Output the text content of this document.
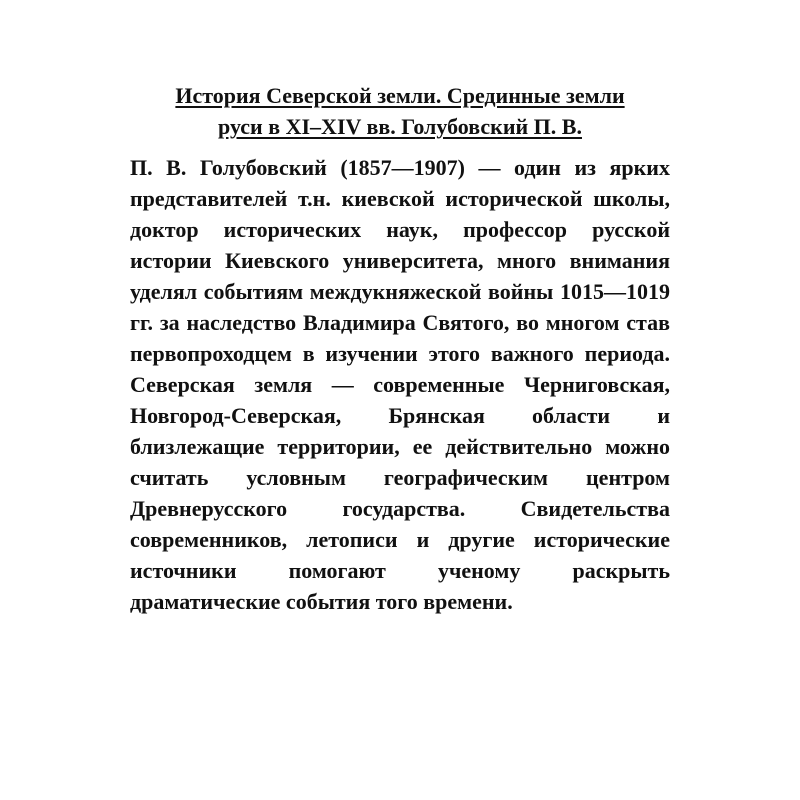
История Северской земли. Срединные земли
руси в XI–XIV вв. Голубовский П. В.

П. В. Голубовский (1857—1907) — один из ярких представителей т.н. киевской исторической школы, доктор исторических наук, профессор русской истории Киевского университета, много внимания уделял событиям междукняжеской войны 1015—1019 гг. за наследство Владимира Святого, во многом став первопроходцем в изучении этого важного периода. Северская земля — современные Черниговская, Новгород-Северская, Брянская области и близлежащие территории, ее действительно можно считать условным географическим центром Древнерусского государства. Свидетельства современников, летописи и другие исторические источники помогают ученому раскрыть драматические события того времени.
